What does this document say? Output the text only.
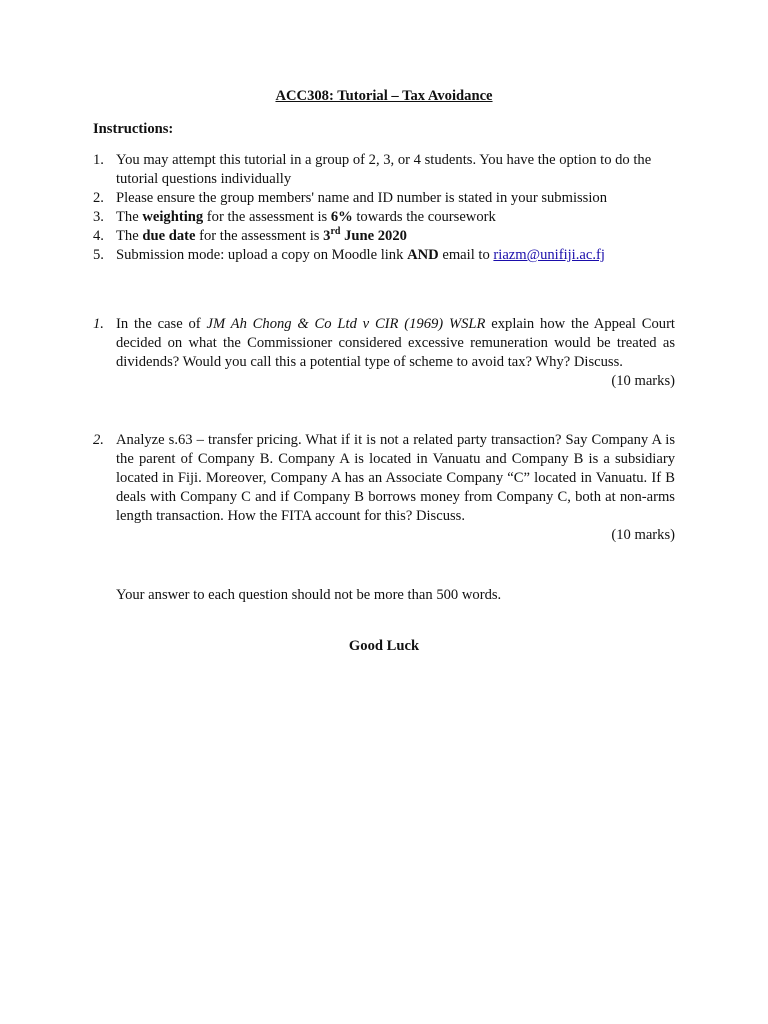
ACC308: Tutorial – Tax Avoidance
Instructions:
1. You may attempt this tutorial in a group of 2, 3, or 4 students. You have the option to do the tutorial questions individually
2. Please ensure the group members' name and ID number is stated in your submission
3. The weighting for the assessment is 6% towards the coursework
4. The due date for the assessment is 3rd June 2020
5. Submission mode: upload a copy on Moodle link AND email to riazm@unifiji.ac.fj
1. In the case of JM Ah Chong & Co Ltd v CIR (1969) WSLR explain how the Appeal Court decided on what the Commissioner considered excessive remuneration would be treated as dividends? Would you call this a potential type of scheme to avoid tax? Why? Discuss.
(10 marks)
2. Analyze s.63 – transfer pricing. What if it is not a related party transaction? Say Company A is the parent of Company B. Company A is located in Vanuatu and Company B is a subsidiary located in Fiji. Moreover, Company A has an Associate Company “C” located in Vanuatu. If B deals with Company C and if Company B borrows money from Company C, both at non-arms length transaction. How the FITA account for this? Discuss.
(10 marks)
Your answer to each question should not be more than 500 words.
Good Luck
